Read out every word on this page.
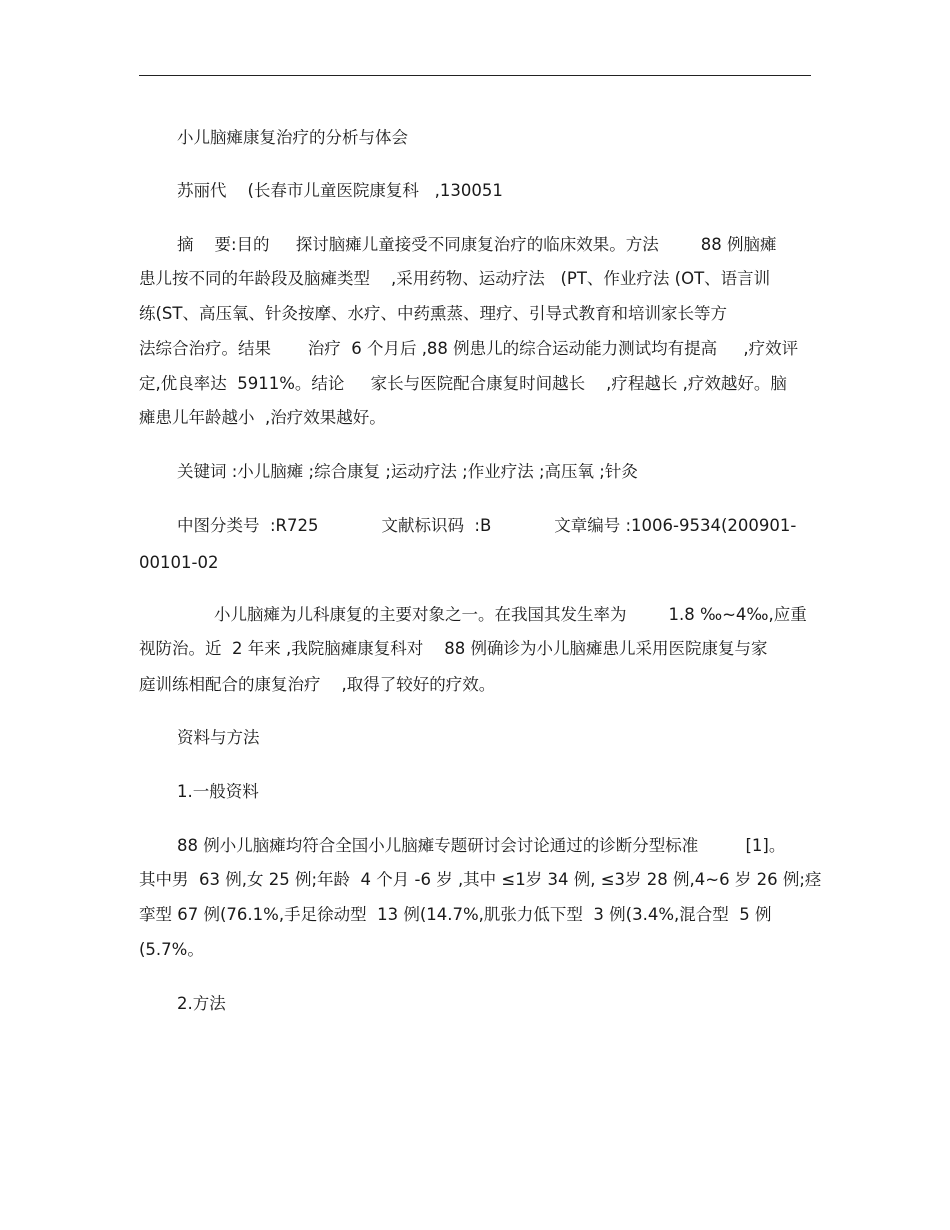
小儿脑瘫康复治疗的分析与体会
苏丽代    (长春市儿童医院康复科   ,130051
摘    要:目的     探讨脑瘫儿童接受不同康复治疗的临床效果。方法        88 例脑瘫
患儿按不同的年龄段及脑瘫类型    ,采用药物、运动疗法   (PT、作业疗法 (OT、语言训
练(ST、高压氧、针灸按摩、水疗、中药熏蒸、理疗、引导式教育和培训家长等方
法综合治疗。结果       治疗  6 个月后 ,88 例患儿的综合运动能力测试均有提高     ,疗效评
定,优良率达  5911%。结论     家长与医院配合康复时间越长    ,疗程越长 ,疗效越好。脑
瘫患儿年龄越小  ,治疗效果越好。
关键词 :小儿脑瘫 ;综合康复 ;运动疗法 ;作业疗法 ;高压氧 ;针灸
中图分类号  :R725            文献标识码  :B            文章编号 :1006-9534(200901-
00101-02
小儿脑瘫为儿科康复的主要对象之一。在我国其发生率为        1.8 ‰~4‰,应重
视防治。近  2 年来 ,我院脑瘫康复科对    88 例确诊为小儿脑瘫患儿采用医院康复与家
庭训练相配合的康复治疗    ,取得了较好的疗效。
资料与方法
1.一般资料
88 例小儿脑瘫均符合全国小儿脑瘫专题研讨会讨论通过的诊断分型标准         [1]。
其中男  63 例,女 25 例;年龄  4 个月 -6 岁 ,其中 ≤1岁 34 例, ≤3岁 28 例,4~6 岁 26 例;痉
挛型 67 例(76.1%,手足徐动型  13 例(14.7%,肌张力低下型  3 例(3.4%,混合型  5 例
(5.7%。
2.方法
